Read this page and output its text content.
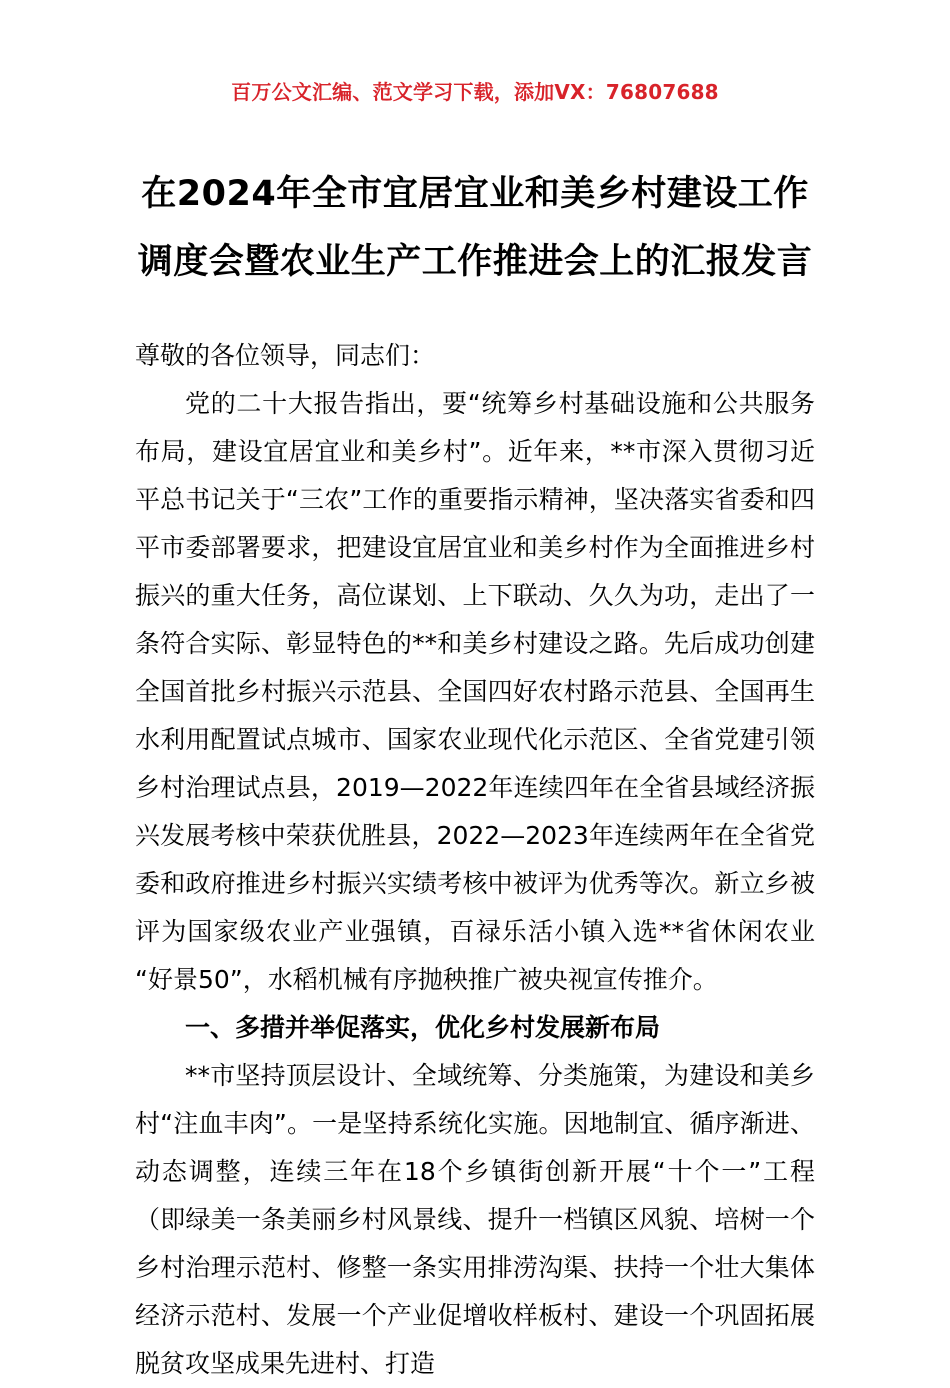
百万公文汇编、范文学习下载，添加VX：76807688
在2024年全市宜居宜业和美乡村建设工作调度会暨农业生产工作推进会上的汇报发言

尊敬的各位领导，同志们：

党的二十大报告指出，要“统筹乡村基础设施和公共服务布局，建设宜居宜业和美乡村”。近年来，**市深入贯彻习近平总书记关于“三农”工作的重要指示精神，坚决落实省委和四平市委部署要求，把建设宜居宜业和美乡村作为全面推进乡村振兴的重大任务，高位谋划、上下联动、久久为功，走出了一条符合实际、彰显特色的**和美乡村建设之路。先后成功创建全国首批乡村振兴示范县、全国四好农村路示范县、全国再生水利用配置试点城市、国家农业现代化示范区、全省党建引领乡村治理试点县，2019—2022年连续四年在全省县域经济振兴发展考核中荣获优胜县，2022—2023年连续两年在全省党委和政府推进乡村振兴实绩考核中被评为优秀等次。新立乡被评为国家级农业产业强镇，百禄乐活小镇入选**省休闲农业“好景50”，水稻机械有序抛秧推广被央视宣传推介。

一、多措并举促落实，优化乡村发展新布局

**市坚持顶层设计、全域统筹、分类施策，为建设和美乡村“注血丰肉”。一是坚持系统化实施。因地制宜、循序渐进、动态调整，连续三年在18个乡镇街创新开展“十个一”工程（即绿美一条美丽乡村风景线、提升一档镇区风貌、培树一个乡村治理示范村、修整一条实用排涝沟渠、扶持一个壮大集体经济示范村、发展一个产业促增收样板村、建设一个巩固拓展脱贫攻坚成果先进村、打造
